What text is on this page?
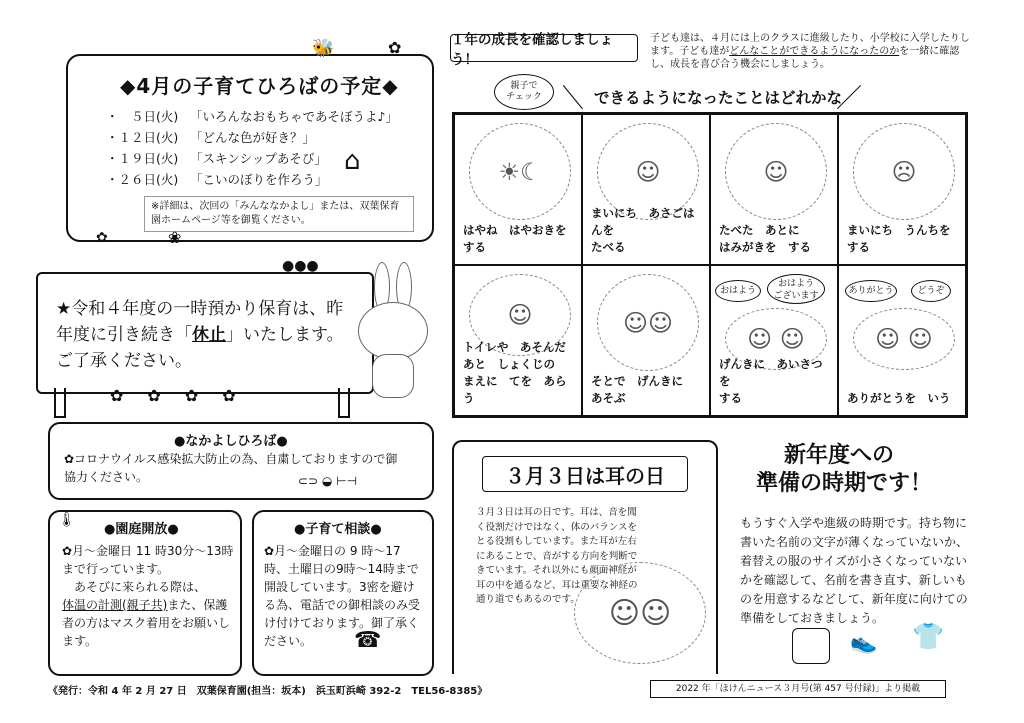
◆4月の子育てひろばの予定◆
・　５日(火) 「いろんなおもちゃであそぼうよ♪」
・１２日(火) 「どんな色が好き？」
・１９日(火) 「スキンシップあそび」
・２６日(火) 「こいのぼりを作ろう」
⌂
※詳細は、次回の「みんななかよし」または、双葉保育園ホームページ等を御覧ください。
🐝	✿
❀
✿
★令和４年度の一時預かり保育は、昨年度に引き続き「休止」いたします。ご了承ください。
✿✿✿✿
●●●
●なかよしひろば●
✿コロナウイルス感染拡大防止の為、自粛しておりますので御協力ください。	⊂⊃ ◒ ⊢⊣
●園庭開放●
✿月～金曜日 11 時30分～13時まで行っています。
　あそびに来られる際は、
体温の計測(親子共)また、保護者の方はマスク着用をお願いします。
🌡
●子育て相談●
✿月～金曜日の 9 時～17 時、土曜日の9時～14時まで開設しています。3密を避ける為、電話での御相談のみ受け付けております。御了承ください。	☎
１年の成長を確認しましょう！
子ども達は、４月には上のクラスに進級したり、小学校に入学したりします。子ども達がどんなことができるようになったのかを一緒に確認し、成長を喜び合う機会にしましょう。
親子で
チェック ＼ できるようになったことはどれかな
／
☀☾
はやね　はやおきを
する
☺
まいにち　あさごはんを
たべる
☺
たべた　あとに
はみがきを　する
☹
まいにち　うんちを
する
☺
トイレや　あそんだ
あと　しょくじの
まえに　てを　あらう
☺☺
そとで　げんきに
あそぶ
おはよう
おはよう
ございます
☺ ☺
げんきに　あいさつを
する
ありがとう	どうぞ
☺ ☺
ありがとうを　いう
３月３日は耳の日
３月３日は耳の日です。耳は、音を聞く役割だけではなく、体のバランスをとる役割もしています。また耳が左右にあることで、音がする方向を判断できています。それ以外にも顔面神経が耳の中を通るなど、耳は重要な神経の通り道でもあるのです。 ☺☺
新年度への
準備の時期です！
もうすぐ入学や進級の時期です。持ち物に書いた名前の文字が薄くなっていないか、着替えの服のサイズが小さくなっていないかを確認して、名前を書き直す、新しいものを用意するなどして、新年度に向けての準備をしておきましょう。
👟 👕
2022 年「ほけんニュース３月号(第 457 号付録)」より掲載
《発行：令和 4 年 2 月 27 日　双葉保育園(担当：坂本)　浜玉町浜崎 392-2　TEL56-8385》
